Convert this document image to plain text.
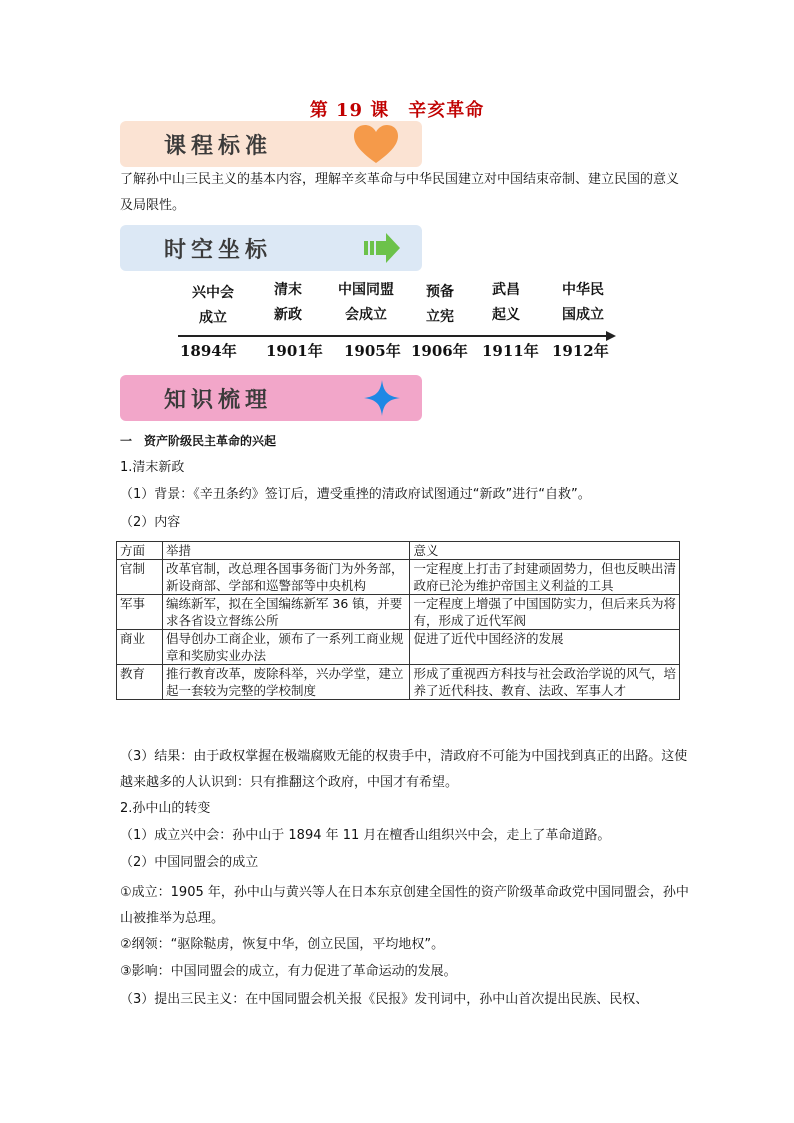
第 19 课　辛亥革命
课程标准
了解孙中山三民主义的基本内容，理解辛亥革命与中华民国建立对中国结束帝制、建立民国的意义及局限性。
时空坐标
兴中会
成立
清末
新政
中国同盟
会成立
预备
立宪
武昌
起义
中华民
国成立
1894年 1901年 1905年 1906年 1911年 1912年
知识梳理
一　资产阶级民主革命的兴起
1.清末新政
（1）背景：《辛丑条约》签订后，遭受重挫的清政府试图通过“新政”进行“自救”。
（2）内容
方面	举措	意义
官制	改革官制，改总理各国事务衙门为外务部，新设商部、学部和巡警部等中央机构	一定程度上打击了封建顽固势力，但也反映出清政府已沦为维护帝国主义利益的工具
军事	编练新军，拟在全国编练新军 36 镇，并要求各省设立督练公所	一定程度上增强了中国国防实力，但后来兵为将有，形成了近代军阀
商业	倡导创办工商企业，颁布了一系列工商业规章和奖励实业办法	促进了近代中国经济的发展
教育	推行教育改革，废除科举，兴办学堂，建立起一套较为完整的学校制度	形成了重视西方科技与社会政治学说的风气，培养了近代科技、教育、法政、军事人才
（3）结果：由于政权掌握在极端腐败无能的权贵手中，清政府不可能为中国找到真正的出路。这使越来越多的人认识到：只有推翻这个政府，中国才有希望。
2.孙中山的转变
（1）成立兴中会：孙中山于 1894 年 11 月在檀香山组织兴中会，走上了革命道路。
（2）中国同盟会的成立
①成立：1905 年，孙中山与黄兴等人在日本东京创建全国性的资产阶级革命政党中国同盟会，孙中山被推举为总理。
②纲领：“驱除鞑虏，恢复中华，创立民国，平均地权”。
③影响：中国同盟会的成立，有力促进了革命运动的发展。
（3）提出三民主义：在中国同盟会机关报《民报》发刊词中，孙中山首次提出民族、民权、
